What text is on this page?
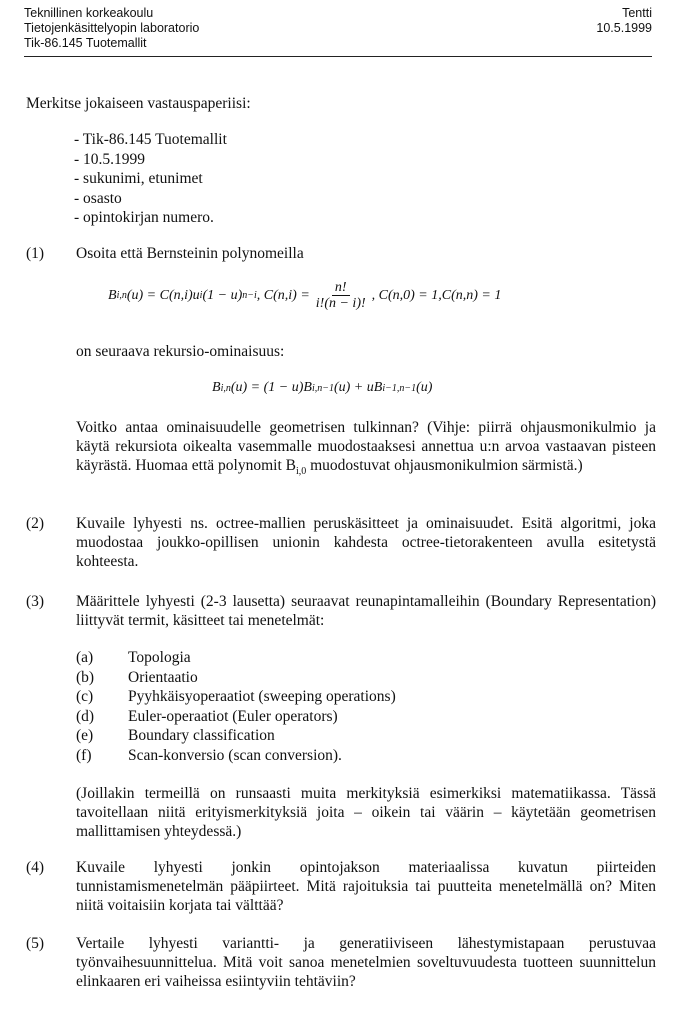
Teknillinen korkeakoulu
Tietojenkäsittelyopin laboratorio
Tik-86.145 Tuotemallit
Tentti
10.5.1999
Merkitse jokaiseen vastauspaperiisi:
- Tik-86.145 Tuotemallit
- 10.5.1999
- sukunimi, etunimet
- osasto
- opintokirjan numero.
(1) Osoita että Bernsteinin polynomeilla
B i,n (u) = C(n,i)u i (1 − u) n−i , $C(n,i) = \frac{n!}{i!(n - i)!}$ , C(n,0) = 1,C(n,n) = 1
on seuraava rekursio-ominaisuus:
B i,n (u) = (1 − u)B i,n−1 (u) + uB i−1,n−1 (u)
Voitko antaa ominaisuudelle geometrisen tulkinnan? (Vihje: piirrä ohjausmonikulmio ja käytä rekursiota oikealta vasemmalle muodostaaksesi annettua u:n arvoa vastaavan pisteen käyrästä. Huomaa että polynomit $B_{i,0}$ muodostuvat ohjausmonikulmion särmistä.)
(2) Kuvaile lyhyesti ns. octree-mallien peruskäsitteet ja ominaisuudet. Esitä algoritmi, joka muodostaa joukko-opillisen unionin kahdesta octree-tietorakenteen avulla esitetystä kohteesta.
(3) Määrittele lyhyesti (2-3 lausetta) seuraavat reunapintamalleihin (Boundary Representation) liittyvät termit, käsitteet tai menetelmät:
(a) Topologia
(b) Orientaatio
(c) Pyyhkäisyoperaatiot (sweeping operations)
(d) Euler-operaatiot (Euler operators)
(e) Boundary classification
(f) Scan-konversio (scan conversion).
(Joillakin termeillä on runsaasti muita merkityksiä esimerkiksi matematiikassa. Tässä tavoitellaan niitä erityismerkityksiä joita – oikein tai väärin – käytetään geometrisen mallittamisen yhteydessä.)
(4) Kuvaile lyhyesti jonkin opintojakson materiaalissa kuvatun piirteiden tunnistamismenetelmän pääpiirteet. Mitä rajoituksia tai puutteita menetelmällä on? Miten niitä voitaisiin korjata tai välttää?
(5) Vertaile lyhyesti variantti- ja generatiiviseen lähestymistapaan perustuvaa työnvaihesuunnittelua. Mitä voit sanoa menetelmien soveltuvuudesta tuotteen suunnittelun elinkaaren eri vaiheissa esiintyviin tehtäviin?
